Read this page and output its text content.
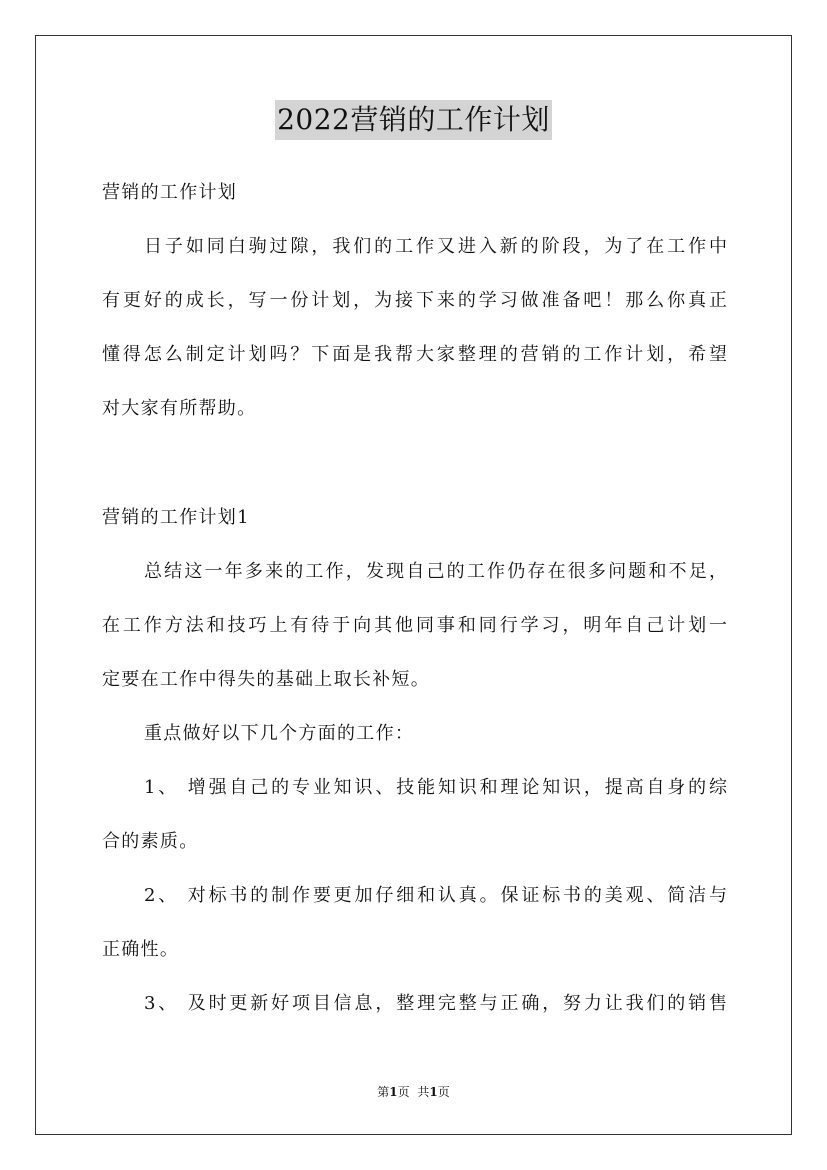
2022营销的工作计划
营销的工作计划
日子如同白驹过隙，我们的工作又进入新的阶段，为了在工作中
有更好的成长，写一份计划，为接下来的学习做准备吧！那么你真正
懂得怎么制定计划吗？下面是我帮大家整理的营销的工作计划，希望
对大家有所帮助。
营销的工作计划1
总结这一年多来的工作，发现自己的工作仍存在很多问题和不足，
在工作方法和技巧上有待于向其他同事和同行学习，明年自己计划一
定要在工作中得失的基础上取长补短。
重点做好以下几个方面的工作：
1、 增强自己的专业知识、技能知识和理论知识，提高自身的综
合的素质。
2、 对标书的制作要更加仔细和认真。保证标书的美观、简洁与
正确性。
3、 及时更新好项目信息，整理完整与正确，努力让我们的销售
第1页 共1页
